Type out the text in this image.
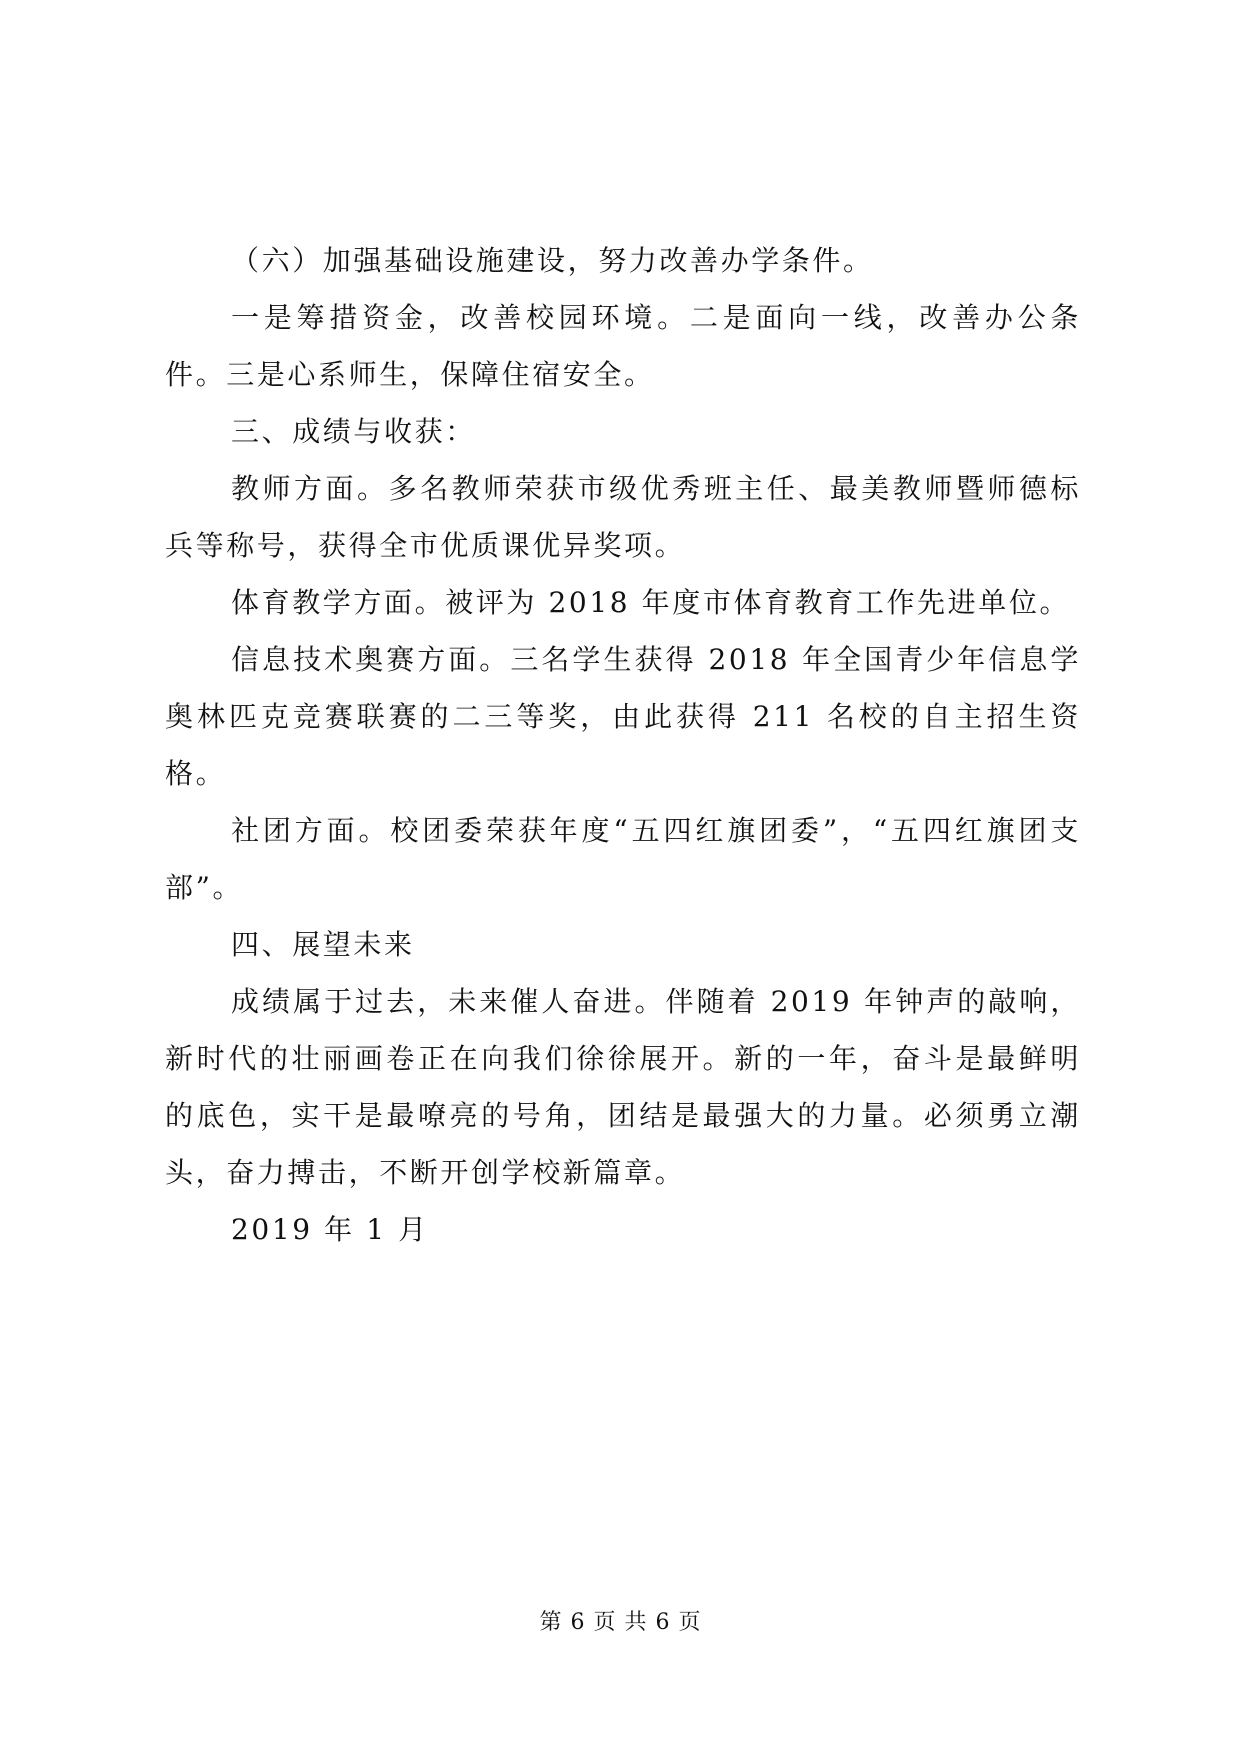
（六）加强基础设施建设，努力改善办学条件。

一是筹措资金，改善校园环境。二是面向一线，改善办公条件。三是心系师生，保障住宿安全。

三、成绩与收获：

教师方面。多名教师荣获市级优秀班主任、最美教师暨师德标兵等称号，获得全市优质课优异奖项。

体育教学方面。被评为 2018 年度市体育教育工作先进单位。

信息技术奥赛方面。三名学生获得 2018 年全国青少年信息学奥林匹克竞赛联赛的二三等奖，由此获得 211 名校的自主招生资格。

社团方面。校团委荣获年度“五四红旗团委”，“五四红旗团支部”。

四、展望未来

成绩属于过去，未来催人奋进。伴随着 2019 年钟声的敲响，新时代的壮丽画卷正在向我们徐徐展开。新的一年，奋斗是最鲜明的底色，实干是最嘹亮的号角，团结是最强大的力量。必须勇立潮头，奋力搏击，不断开创学校新篇章。

2019 年 1 月

第 6 页 共 6 页
